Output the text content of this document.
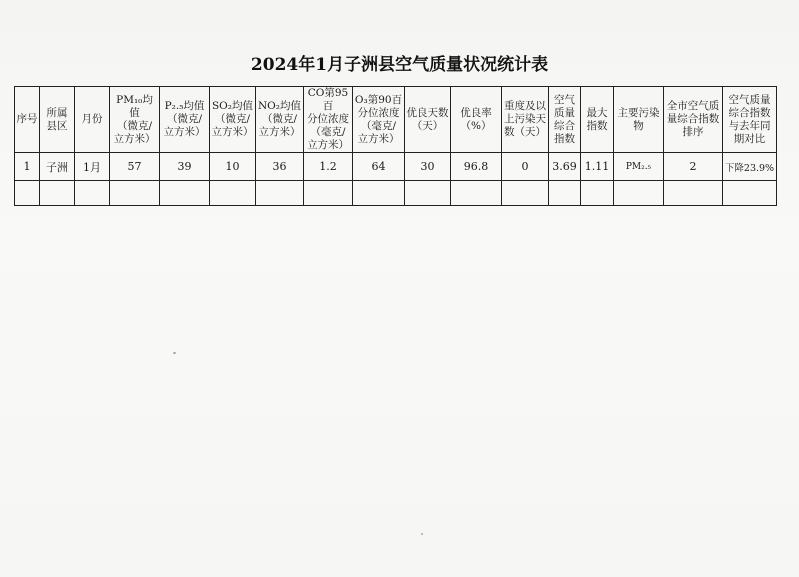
2024年1月子洲县空气质量状况统计表
序号	所属
县区	月份	PM₁₀均值
（微克/
立方米）	P₂.₅均值
（微克/
立方米）	SO₂均值
（微克/
立方米）	NO₂均值
（微克/
立方米）	CO第95百
分位浓度
（毫克/
立方米）	O₃第90百
分位浓度
（毫克/
立方米）	优良天数
（天）	优良率
（%）	重度及以
上污染天
数（天）	空气
质量
综合
指数	最大
指数	主要污染
物	全市空气质
量综合指数
排序	空气质量
综合指数
与去年同
期对比

1	子洲	1月	57	39	10	36	1.2	64	30	96.8	0	3.69	1.11	PM₂.₅	2	下降23.9%
